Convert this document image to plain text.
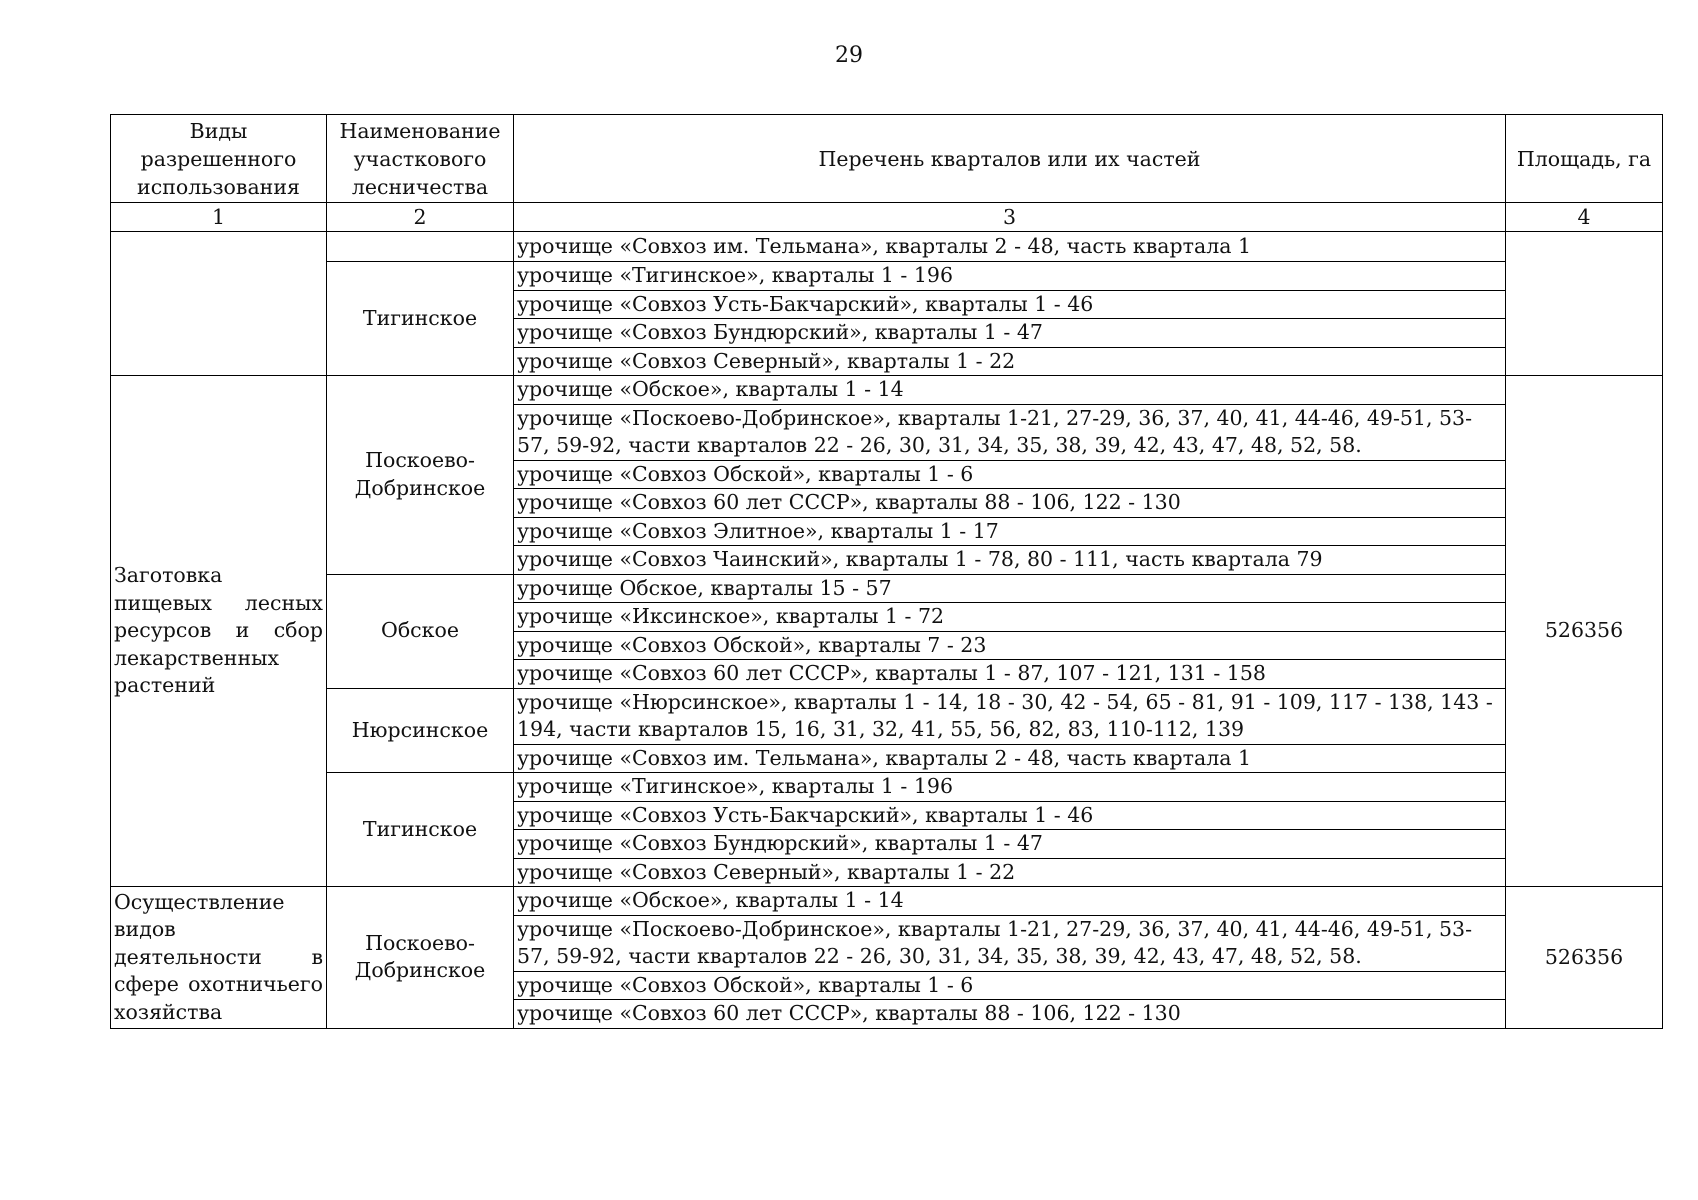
29
Виды разрешенного использования	Наименование участкового лесничества	Перечень кварталов или их частей	Площадь, га
1	2	3	4
		урочище «Совхоз им. Тельмана», кварталы 2 - 48, часть квартала 1	
	Тигинское	урочище «Тигинское», кварталы 1 - 196	
		урочище «Совхоз Усть-Бакчарский», кварталы 1 - 46	
		урочище «Совхоз Бундюрский», кварталы 1 - 47	
		урочище «Совхоз Северный», кварталы 1 - 22	
Заготовка пищевых лесных ресурсов и сбор лекарственных растений	Поскоево-Добринское	урочище «Обское», кварталы 1 - 14	526356
		урочище «Поскоево-Добринское», кварталы 1-21, 27-29, 36, 37, 40, 41, 44-46, 49-51, 53-57, 59-92, части кварталов 22 - 26, 30, 31, 34, 35, 38, 39, 42, 43, 47, 48, 52, 58.	
		урочище «Совхоз Обской», кварталы 1 - 6	
		урочище «Совхоз 60 лет СССР», кварталы 88 - 106, 122 - 130	
		урочище «Совхоз Элитное», кварталы 1 - 17	
		урочище «Совхоз Чаинский», кварталы 1 - 78, 80 - 111, часть квартала 79	
	Обское	урочище Обское, кварталы 15 - 57	
		урочище «Иксинское», кварталы 1 - 72	
		урочище «Совхоз Обской», кварталы 7 - 23	
		урочище «Совхоз 60 лет СССР», кварталы 1 - 87, 107 - 121, 131 - 158	
	Нюрсинское	урочище «Нюрсинское», кварталы 1 - 14, 18 - 30, 42 - 54, 65 - 81, 91 - 109, 117 - 138, 143 - 194, части кварталов 15, 16, 31, 32, 41, 55, 56, 82, 83, 110-112, 139	
		урочище «Совхоз им. Тельмана», кварталы 2 - 48, часть квартала 1	
	Тигинское	урочище «Тигинское», кварталы 1 - 196	
		урочище «Совхоз Усть-Бакчарский», кварталы 1 - 46	
		урочище «Совхоз Бундюрский», кварталы 1 - 47	
		урочище «Совхоз Северный», кварталы 1 - 22	
Осуществление видов деятельности в сфере охотничьего хозяйства	Поскоево-Добринское	урочище «Обское», кварталы 1 - 14	526356
		урочище «Поскоево-Добринское», кварталы 1-21, 27-29, 36, 37, 40, 41, 44-46, 49-51, 53-57, 59-92, части кварталов 22 - 26, 30, 31, 34, 35, 38, 39, 42, 43, 47, 48, 52, 58.	
		урочище «Совхоз Обской», кварталы 1 - 6	
		урочище «Совхоз 60 лет СССР», кварталы 88 - 106, 122 - 130	
